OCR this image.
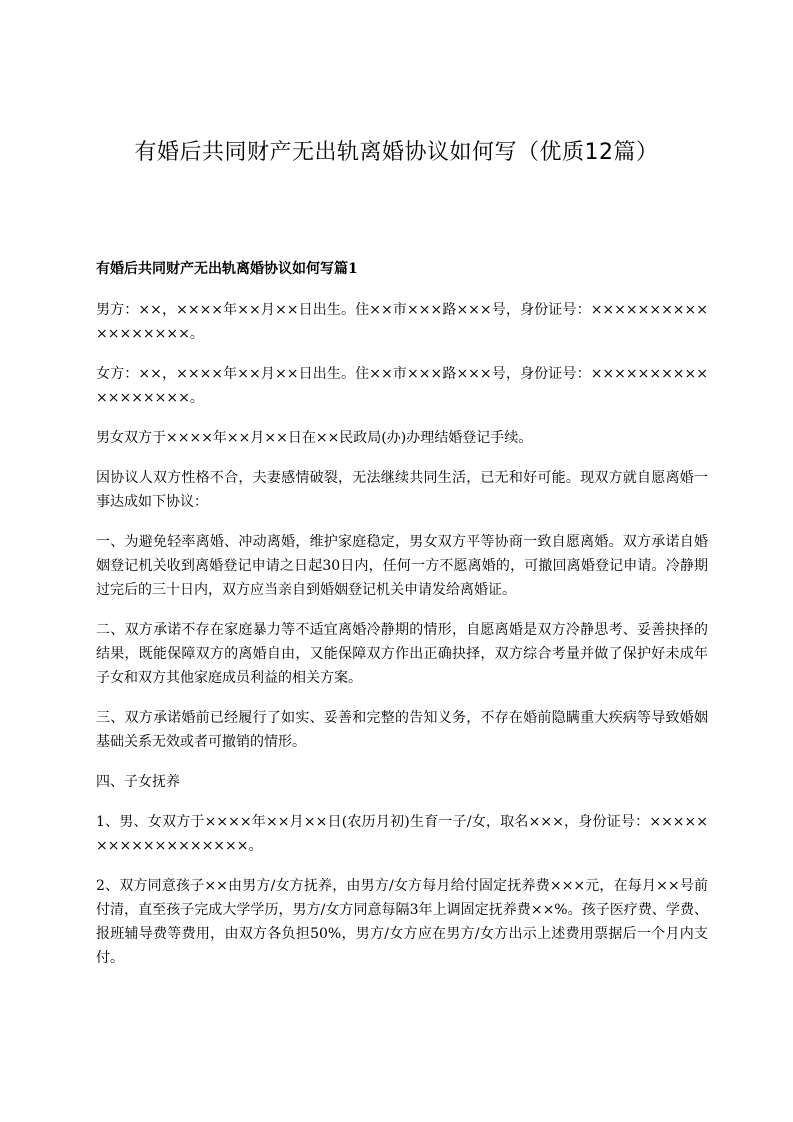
有婚后共同财产无出轨离婚协议如何写（优质12篇）

有婚后共同财产无出轨离婚协议如何写篇1

男方：××，××××年××月××日出生。住××市×××路×××号，身份证号：××××××××××××××××××。

女方：××，××××年××月××日出生。住××市×××路×××号，身份证号：××××××××××××××××××。

男女双方于××××年××月××日在××民政局(办)办理结婚登记手续。

因协议人双方性格不合，夫妻感情破裂，无法继续共同生活，已无和好可能。现双方就自愿离婚一事达成如下协议：

一、为避免轻率离婚、冲动离婚，维护家庭稳定，男女双方平等协商一致自愿离婚。双方承诺自婚姻登记机关收到离婚登记申请之日起30日内，任何一方不愿离婚的，可撤回离婚登记申请。冷静期过完后的三十日内，双方应当亲自到婚姻登记机关申请发给离婚证。

二、双方承诺不存在家庭暴力等不适宜离婚冷静期的情形，自愿离婚是双方冷静思考、妥善抉择的结果，既能保障双方的离婚自由，又能保障双方作出正确抉择，双方综合考量并做了保护好未成年子女和双方其他家庭成员利益的相关方案。

三、双方承诺婚前已经履行了如实、妥善和完整的告知义务，不存在婚前隐瞒重大疾病等导致婚姻基础关系无效或者可撤销的情形。

四、子女抚养

1、男、女双方于××××年××月××日(农历月初)生育一子/女，取名×××，身份证号：××××××××××××××××××。

2、双方同意孩子××由男方/女方抚养，由男方/女方每月给付固定抚养费×××元，在每月××号前付清，直至孩子完成大学学历，男方/女方同意每隔3年上调固定抚养费××%。孩子医疗费、学费、报班辅导费等费用，由双方各负担50%，男方/女方应在男方/女方出示上述费用票据后一个月内支付。
